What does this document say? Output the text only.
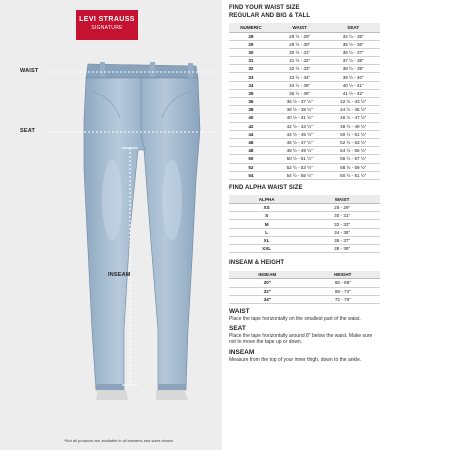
LEVI STRAUSS
SIGNATURE
WAIST
SEAT
INSEAM
*Not all products are available in all inseams and sizes shown
FIND YOUR WAIST SIZE
REGULAR AND BIG & TALL
NUMERIC	WAIST	SEAT
28	28 ½ - 29"	34 ½ - 35"
29	29 ½ - 30"	35 ½ - 36"
30	30 ½ - 31"	36 ½ - 37"
31	31 ½ - 32"	37 ½ - 38"
32	32 ½ - 33"	38 ½ - 39"
33	33 ½ - 34"	39 ½ - 40"
34	34 ½ - 35"	40 ½ - 41"
35	35 ½ - 36"	41 ½ - 42"
36	36 ½ - 37 ½"	42 ½ - 43 ½"
38	38 ½ - 39 ½"	44 ½ - 45 ½"
40	40 ½ - 41 ½"	46 ½ - 47 ½"
42	42 ½ - 43 ½"	48 ½ - 49 ½"
44	44 ½ - 45 ½"	50 ½ - 51 ½"
46	46 ½ - 47 ½"	52 ½ - 53 ½"
48	48 ½ - 49 ½"	54 ½ - 55 ½"
50	50 ½ - 51 ½"	56 ½ - 57 ½"
52	52 ½ - 53 ½"	58 ½ - 59 ½"
54	54 ½ - 55 ½"	60 ½ - 61 ½"
FIND ALPHA WAIST SIZE
ALPHA	WAIST
XS	28 - 29"
S	30 - 31"
M	32 - 33"
L	34 - 35"
XL	36 - 37"
XXL	38 - 39"
INSEAM & HEIGHT
INSEAM	HEIGHT
30"	66 - 68"
32"	68 - 72"
34"	72 - 76"
WAIST
Place the tape horizontally on the smallest part of the waist.
SEAT
Place the tape horizontally around 8" below the waist. Make sure not to move the tape up or down.
INSEAM
Measure from the top of your inner thigh, down to the ankle.
